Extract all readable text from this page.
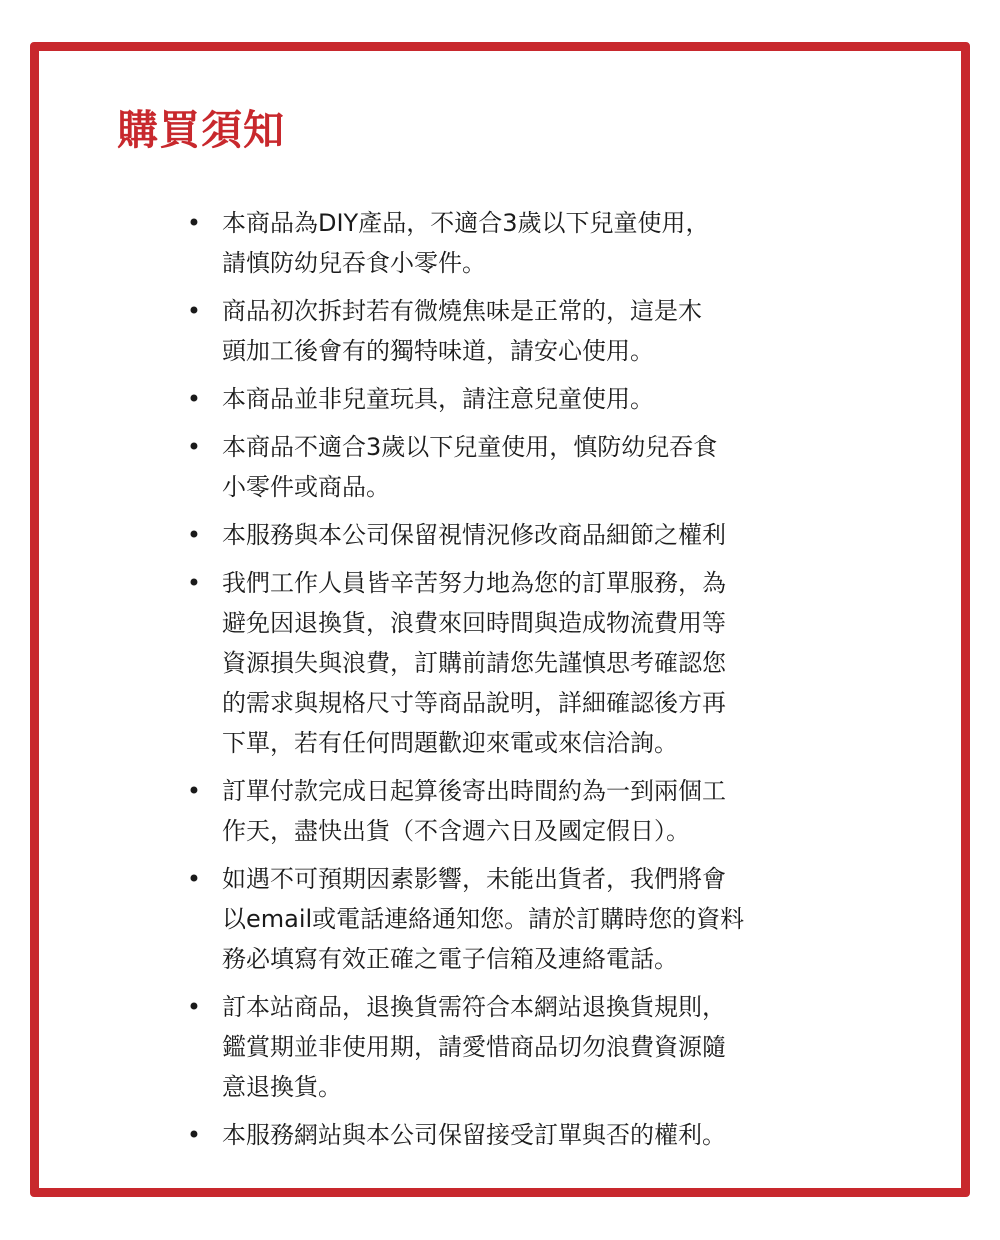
購買須知
• 本商品為DIY產品，不適合3歲以下兒童使用，
請慎防幼兒吞食小零件。
• 商品初次拆封若有微燒焦味是正常的，這是木
頭加工後會有的獨特味道，請安心使用。
• 本商品並非兒童玩具，請注意兒童使用。
• 本商品不適合3歲以下兒童使用，慎防幼兒吞食
小零件或商品。
• 本服務與本公司保留視情況修改商品細節之權利
• 我們工作人員皆辛苦努力地為您的訂單服務，為
避免因退換貨，浪費來回時間與造成物流費用等
資源損失與浪費，訂購前請您先謹慎思考確認您
的需求與規格尺寸等商品說明，詳細確認後方再
下單，若有任何問題歡迎來電或來信洽詢。
• 訂單付款完成日起算後寄出時間約為一到兩個工
作天，盡快出貨（不含週六日及國定假日）。
• 如遇不可預期因素影響，未能出貨者，我們將會
以email或電話連絡通知您。請於訂購時您的資料
務必填寫有效正確之電子信箱及連絡電話。
• 訂本站商品，退換貨需符合本網站退換貨規則，
鑑賞期並非使用期，請愛惜商品切勿浪費資源隨
意退換貨。
• 本服務網站與本公司保留接受訂單與否的權利。
